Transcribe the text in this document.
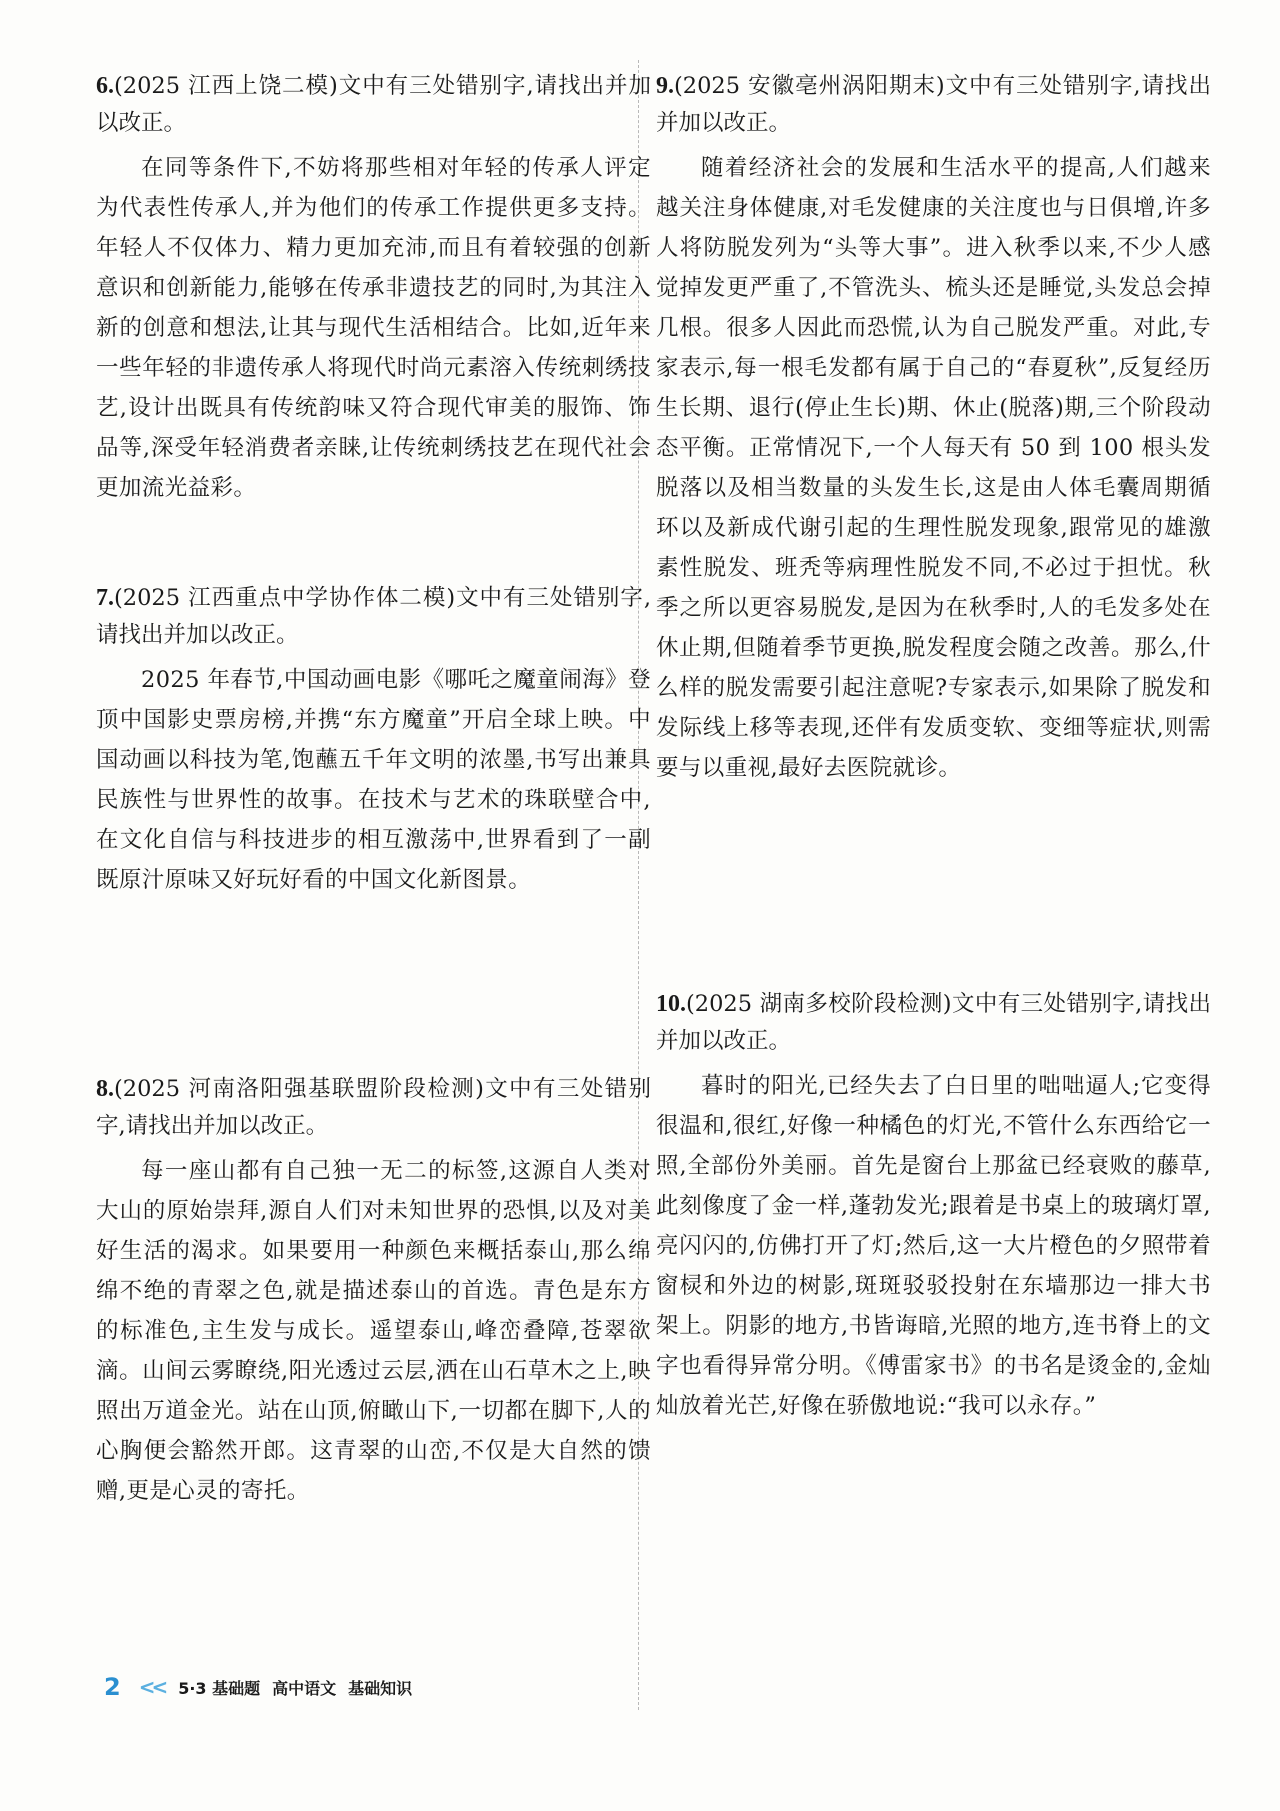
6.(2025 江西上饶二模)文中有三处错别字,请找出并加以改正。

在同等条件下,不妨将那些相对年轻的传承人评定为代表性传承人,并为他们的传承工作提供更多支持。年轻人不仅体力、精力更加充沛,而且有着较强的创新意识和创新能力,能够在传承非遗技艺的同时,为其注入新的创意和想法,让其与现代生活相结合。比如,近年来一些年轻的非遗传承人将现代时尚元素溶入传统刺绣技艺,设计出既具有传统韵味又符合现代审美的服饰、饰品等,深受年轻消费者亲睐,让传统刺绣技艺在现代社会更加流光益彩。

7.(2025 江西重点中学协作体二模)文中有三处错别字,请找出并加以改正。

2025 年春节,中国动画电影《哪吒之魔童闹海》登顶中国影史票房榜,并携“东方魔童”开启全球上映。中国动画以科技为笔,饱蘸五千年文明的浓墨,书写出兼具民族性与世界性的故事。在技术与艺术的珠联壁合中,在文化自信与科技进步的相互激荡中,世界看到了一副既原汁原味又好玩好看的中国文化新图景。

8.(2025 河南洛阳强基联盟阶段检测)文中有三处错别字,请找出并加以改正。

每一座山都有自己独一无二的标签,这源自人类对大山的原始崇拜,源自人们对未知世界的恐惧,以及对美好生活的渴求。如果要用一种颜色来概括泰山,那么绵绵不绝的青翠之色,就是描述泰山的首选。青色是东方的标准色,主生发与成长。遥望泰山,峰峦叠障,苍翠欲滴。山间云雾瞭绕,阳光透过云层,洒在山石草木之上,映照出万道金光。站在山顶,俯瞰山下,一切都在脚下,人的心胸便会豁然开郎。这青翠的山峦,不仅是大自然的馈赠,更是心灵的寄托。

9.(2025 安徽亳州涡阳期末)文中有三处错别字,请找出并加以改正。

随着经济社会的发展和生活水平的提高,人们越来越关注身体健康,对毛发健康的关注度也与日俱增,许多人将防脱发列为“头等大事”。进入秋季以来,不少人感觉掉发更严重了,不管洗头、梳头还是睡觉,头发总会掉几根。很多人因此而恐慌,认为自己脱发严重。对此,专家表示,每一根毛发都有属于自己的“春夏秋”,反复经历生长期、退行(停止生长)期、休止(脱落)期,三个阶段动态平衡。正常情况下,一个人每天有 50 到 100 根头发脱落以及相当数量的头发生长,这是由人体毛囊周期循环以及新成代谢引起的生理性脱发现象,跟常见的雄激素性脱发、班秃等病理性脱发不同,不必过于担忧。秋季之所以更容易脱发,是因为在秋季时,人的毛发多处在休止期,但随着季节更换,脱发程度会随之改善。那么,什么样的脱发需要引起注意呢?专家表示,如果除了脱发和发际线上移等表现,还伴有发质变软、变细等症状,则需要与以重视,最好去医院就诊。

10.(2025 湖南多校阶段检测)文中有三处错别字,请找出并加以改正。

暮时的阳光,已经失去了白日里的咄咄逼人;它变得很温和,很红,好像一种橘色的灯光,不管什么东西给它一照,全部份外美丽。首先是窗台上那盆已经衰败的藤草,此刻像度了金一样,蓬勃发光;跟着是书桌上的玻璃灯罩,亮闪闪的,仿佛打开了灯;然后,这一大片橙色的夕照带着窗棂和外边的树影,斑斑驳驳投射在东墙那边一排大书架上。阴影的地方,书皆诲暗,光照的地方,连书脊上的文字也看得异常分明。《傅雷家书》的书名是烫金的,金灿灿放着光芒,好像在骄傲地说:“我可以永存。”

2 << 5·3 基础题 高中语文 基础知识
